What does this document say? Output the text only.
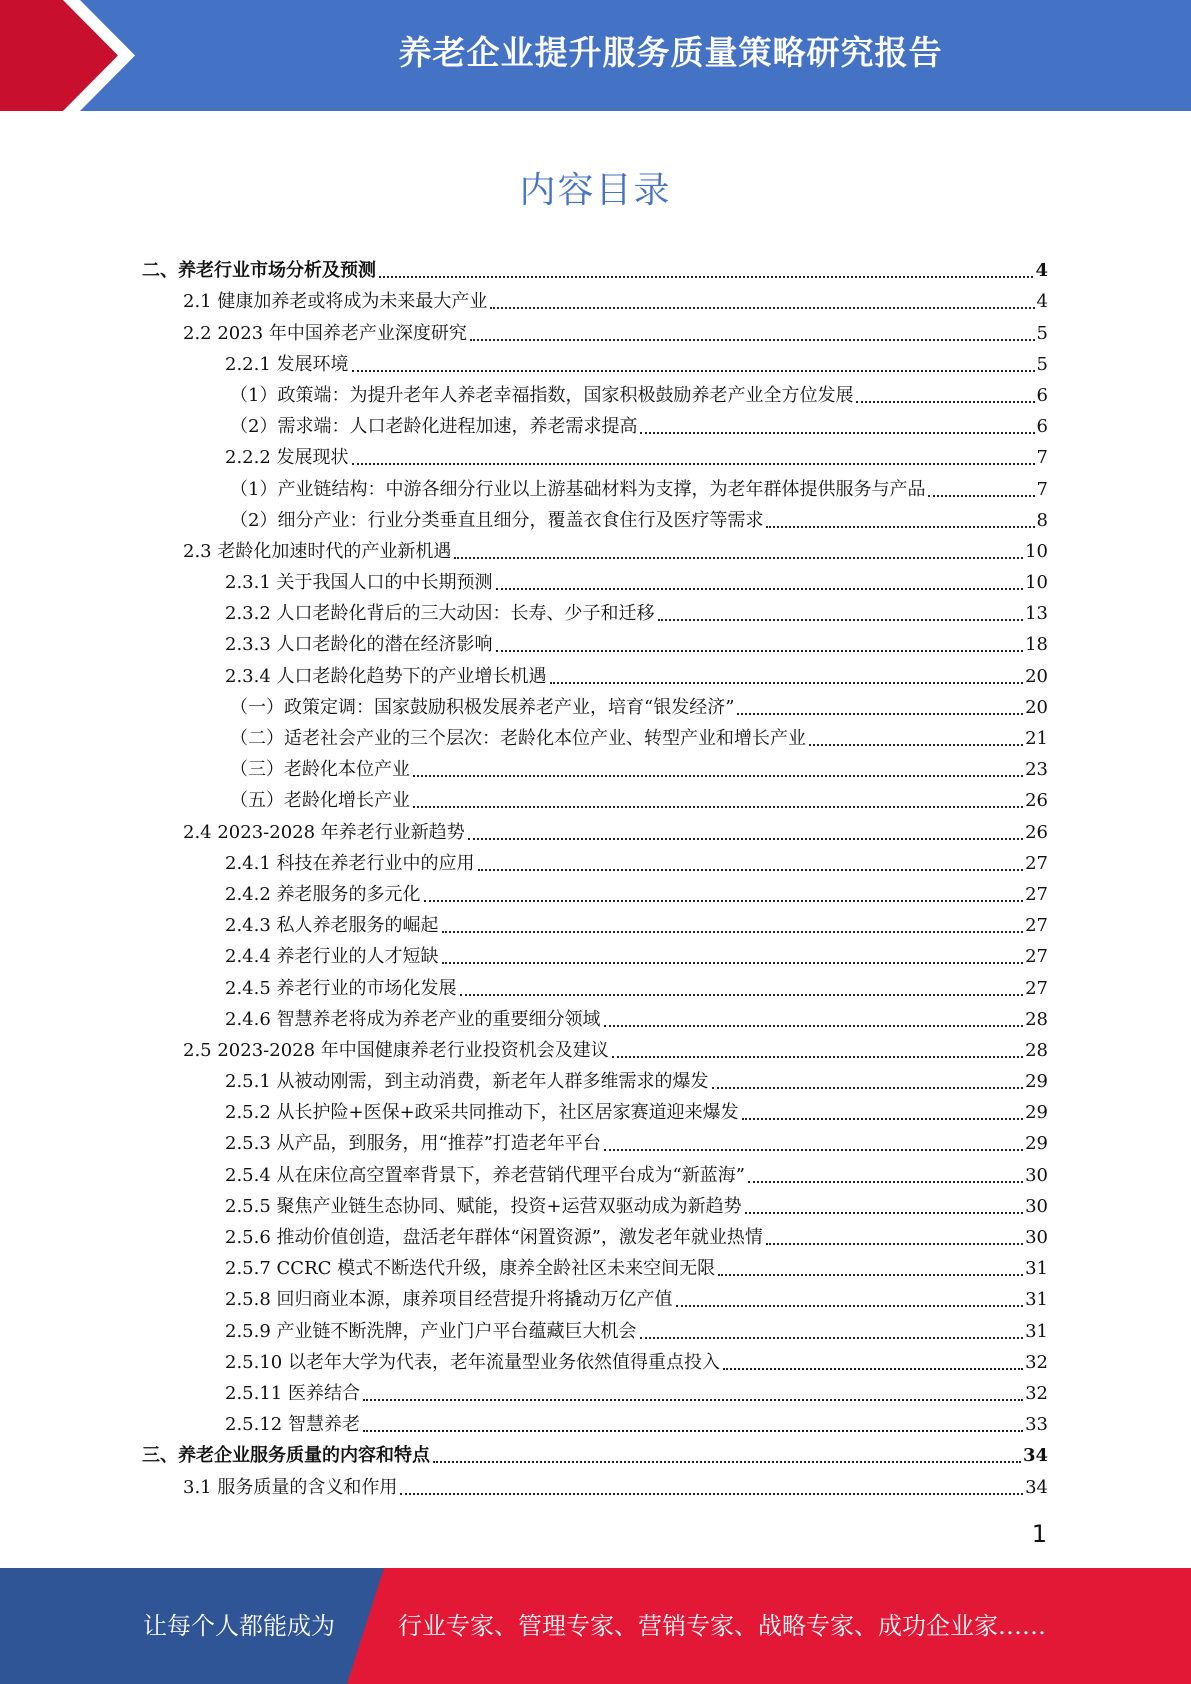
养老企业提升服务质量策略研究报告
内容目录
二、养老行业市场分析及预测	4
2.1 健康加养老或将成为未来最大产业	4
2.2 2023 年中国养老产业深度研究	5
2.2.1 发展环境	5
（1）政策端：为提升老年人养老幸福指数，国家积极鼓励养老产业全方位发展	6
（2）需求端：人口老龄化进程加速，养老需求提高	6
2.2.2 发展现状	7
（1）产业链结构：中游各细分行业以上游基础材料为支撑，为老年群体提供服务与产品	7
（2）细分产业：行业分类垂直且细分，覆盖衣食住行及医疗等需求	8
2.3 老龄化加速时代的产业新机遇	10
2.3.1 关于我国人口的中长期预测	10
2.3.2 人口老龄化背后的三大动因：长寿、少子和迁移	13
2.3.3 人口老龄化的潜在经济影响	18
2.3.4 人口老龄化趋势下的产业增长机遇	20
（一）政策定调：国家鼓励积极发展养老产业，培育“银发经济”	20
（二）适老社会产业的三个层次：老龄化本位产业、转型产业和增长产业	21
（三）老龄化本位产业	23
（五）老龄化增长产业	26
2.4 2023-2028 年养老行业新趋势	26
2.4.1 科技在养老行业中的应用	27
2.4.2 养老服务的多元化	27
2.4.3 私人养老服务的崛起	27
2.4.4 养老行业的人才短缺	27
2.4.5 养老行业的市场化发展	27
2.4.6 智慧养老将成为养老产业的重要细分领域	28
2.5 2023-2028 年中国健康养老行业投资机会及建议	28
2.5.1 从被动刚需，到主动消费，新老年人群多维需求的爆发	29
2.5.2 从长护险+医保+政采共同推动下，社区居家赛道迎来爆发	29
2.5.3 从产品，到服务，用“推荐”打造老年平台	29
2.5.4 从在床位高空置率背景下，养老营销代理平台成为“新蓝海”	30
2.5.5 聚焦产业链生态协同、赋能，投资+运营双驱动成为新趋势	30
2.5.6 推动价值创造，盘活老年群体“闲置资源”，激发老年就业热情	30
2.5.7 CCRC 模式不断迭代升级，康养全龄社区未来空间无限	31
2.5.8 回归商业本源，康养项目经营提升将撬动万亿产值	31
2.5.9 产业链不断洗牌，产业门户平台蕴藏巨大机会	31
2.5.10 以老年大学为代表，老年流量型业务依然值得重点投入	32
2.5.11 医养结合	32
2.5.12 智慧养老	33
三、养老企业服务质量的内容和特点	34
3.1 服务质量的含义和作用	34
1
让每个人都能成为	行业专家、管理专家、营销专家、战略专家、成功企业家……
